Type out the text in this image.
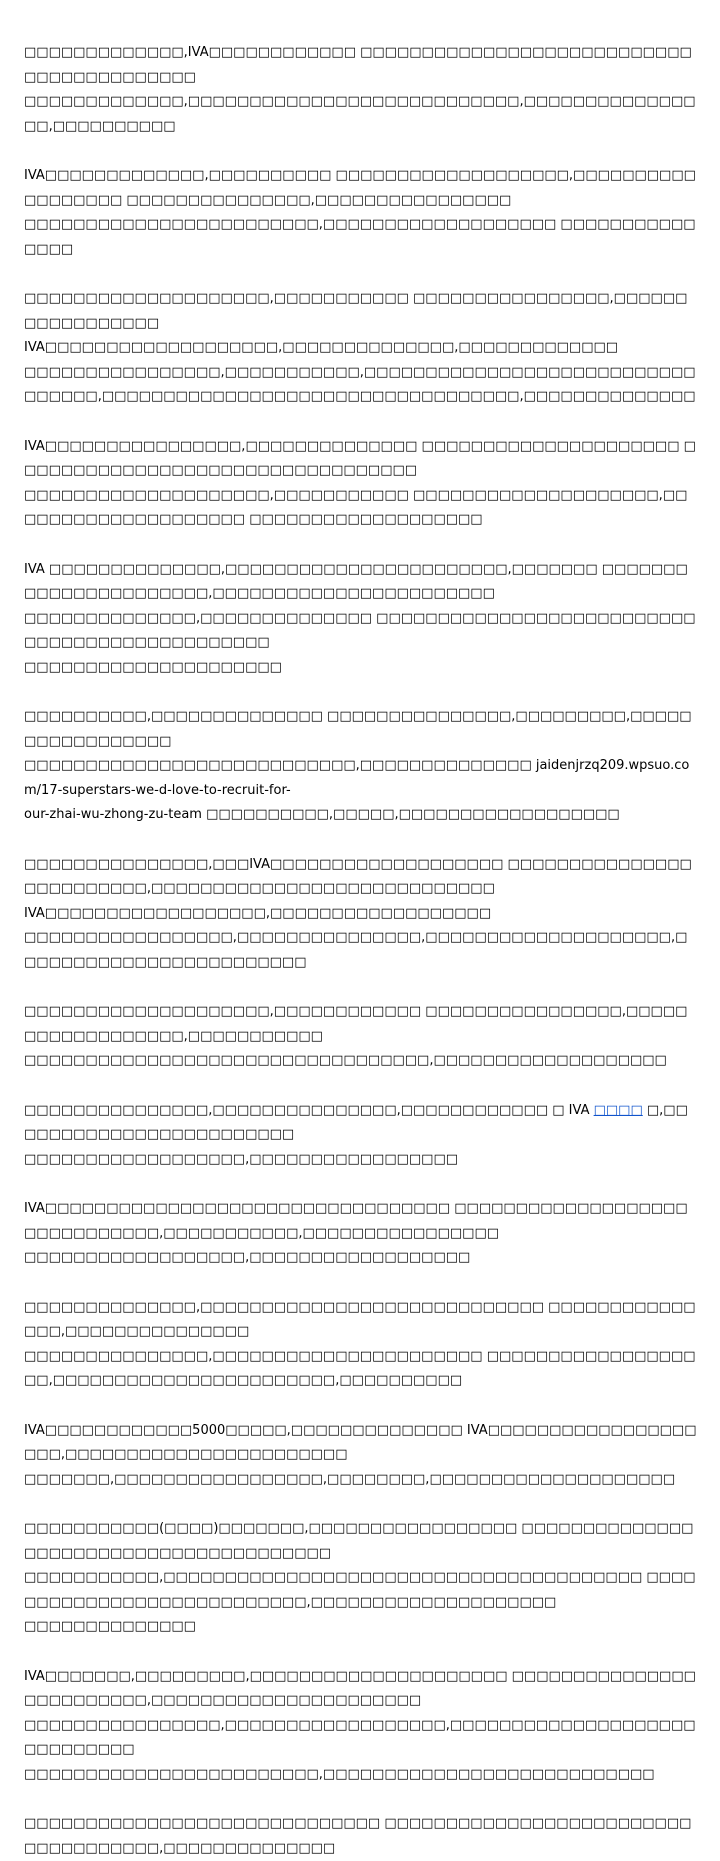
□□□□□□□□□□□□□,IVA□□□□□□□□□□□□ □□□□□□□□□□□□□□□□□□□□□□□□□□□□□□□□□□□□□□□□□
□□□□□□□□□□□□□,□□□□□□□□□□□□□□□□□□□□□□□□□□□,□□□□□□□□□□□□□□□□,□□□□□□□□□□

IVA□□□□□□□□□□□□□,□□□□□□□□□□ □□□□□□□□□□□□□□□□□□□,□□□□□□□□□□□□□□□□□□ □□□□□□□□□□□□□□□,□□□□□□□□□□□□□□□□
□□□□□□□□□□□□□□□□□□□□□□□□,□□□□□□□□□□□□□□□□□□□ □□□□□□□□□□□□□□□

□□□□□□□□□□□□□□□□□□□□,□□□□□□□□□□□ □□□□□□□□□□□□□□□□,□□□□□□□□□□□□□□□□□
IVA□□□□□□□□□□□□□□□□□□□,□□□□□□□□□□□□□□,□□□□□□□□□□□□□
□□□□□□□□□□□□□□□□,□□□□□□□□□□□,□□□□□□□□□□□□□□□□□□□□□□□□□□□
□□□□□□,□□□□□□□□□□□□□□□□□□□□□□□□□□□□□□□□□□,□□□□□□□□□□□□□□

IVA□□□□□□□□□□□□□□□□,□□□□□□□□□□□□□□ □□□□□□□□□□□□□□□□□□□□□ □□□□□□□□□□□□□□□□□□□□□□□□□□□□□□□□□
□□□□□□□□□□□□□□□□□□□□,□□□□□□□□□□□ □□□□□□□□□□□□□□□□□□□□,□□□□□□□□□□□□□□□□□□□□ □□□□□□□□□□□□□□□□□□□

IVA □□□□□□□□□□□□□□,□□□□□□□□□□□□□□□□□□□□□□□,□□□□□□□ □□□□□□□□□□□□□□□□□□□□□□,□□□□□□□□□□□□□□□□□□□□□□□
□□□□□□□□□□□□□□,□□□□□□□□□□□□□□ □□□□□□□□□□□□□□□□□□□□□□□□□□□□□□□□□□□□□□□□□□□□□□
□□□□□□□□□□□□□□□□□□□□□

□□□□□□□□□□,□□□□□□□□□□□□□□ □□□□□□□□□□□□□□□,□□□□□□□□□,□□□□□□□□□□□□□□□□□
□□□□□□□□□□□□□□□□□□□□□□□□□□□,□□□□□□□□□□□□□□ jaidenjrzq209.wpsuo.com/17-superstars-we-d-love-to-recruit-for-
our-zhai-wu-zhong-zu-team □□□□□□□□□□,□□□□□,□□□□□□□□□□□□□□□□□□

□□□□□□□□□□□□□□□,□□□IVA□□□□□□□□□□□□□□□□□□□ □□□□□□□□□□□□□□□□□□□□□□□□□,□□□□□□□□□□□□□□□□□□□□□□□□□□□□
IVA□□□□□□□□□□□□□□□□□□,□□□□□□□□□□□□□□□□□□
□□□□□□□□□□□□□□□□□,□□□□□□□□□□□□□□□,□□□□□□□□□□□□□□□□□□□□,□□□□□□□□□□□□□□□□□□□□□□□□

□□□□□□□□□□□□□□□□□□□□,□□□□□□□□□□□□ □□□□□□□□□□□□□□□□,□□□□□□□□□□□□□□□□□□,□□□□□□□□□□□
□□□□□□□□□□□□□□□□□□□□□□□□□□□□□□□□□,□□□□□□□□□□□□□□□□□□□

□□□□□□□□□□□□□□□,□□□□□□□□□□□□□□□,□□□□□□□□□□□□ □ IVA □□□□ □,□□□□□□□□□□□□□□□□□□□□□□□□
□□□□□□□□□□□□□□□□□□,□□□□□□□□□□□□□□□□□

IVA□□□□□□□□□□□□□□□□□□□□□□□□□□□□□□□□□ □□□□□□□□□□□□□□□□□□□□□□□□□□□□□□,□□□□□□□□□□□,□□□□□□□□□□□□□□□□
□□□□□□□□□□□□□□□□□□,□□□□□□□□□□□□□□□□□□

□□□□□□□□□□□□□□,□□□□□□□□□□□□□□□□□□□□□□□□□□□□ □□□□□□□□□□□□□□□,□□□□□□□□□□□□□□□
□□□□□□□□□□□□□□□,□□□□□□□□□□□□□□□□□□□□□□ □□□□□□□□□□□□□□□□□□□,□□□□□□□□□□□□□□□□□□□□□□□,□□□□□□□□□□

IVA□□□□□□□□□□□□5000□□□□□,□□□□□□□□□□□□□□ IVA□□□□□□□□□□□□□□□□□□□□,□□□□□□□□□□□□□□□□□□□□□□□
□□□□□□□,□□□□□□□□□□□□□□□□□,□□□□□□□□,□□□□□□□□□□□□□□□□□□□□

□□□□□□□□□□□(□□□□)□□□□□□□,□□□□□□□□□□□□□□□□□ □□□□□□□□□□□□□□□□□□□□□□□□□□□□□□□□□□□□□□□
□□□□□□□□□□□,□□□□□□□□□□□□□□□□□□□□□□□□□□□□□□□□□□□□□□□ □□□□□□□□□□□□□□□□□□□□□□□□□□□,□□□□□□□□□□□□□□□□□□□□
□□□□□□□□□□□□□□

IVA□□□□□□□,□□□□□□□□□,□□□□□□□□□□□□□□□□□□□□□ □□□□□□□□□□□□□□□□□□□□□□□□□,□□□□□□□□□□□□□□□□□□□□□□
□□□□□□□□□□□□□□□□,□□□□□□□□□□□□□□□□□□,□□□□□□□□□□□□□□□□□□□□ □□□□□□□□□
□□□□□□□□□□□□□□□□□□□□□□□□,□□□□□□□□□□□□□□□□□□□□□□□□□□□

□□□□□□□□□□□□□□□□□□□□□□□□□□□□□ □□□□□□□□□□□□□□□□□□□□□□□□□□□□□□□□□□□□,□□□□□□□□□□□□□□
